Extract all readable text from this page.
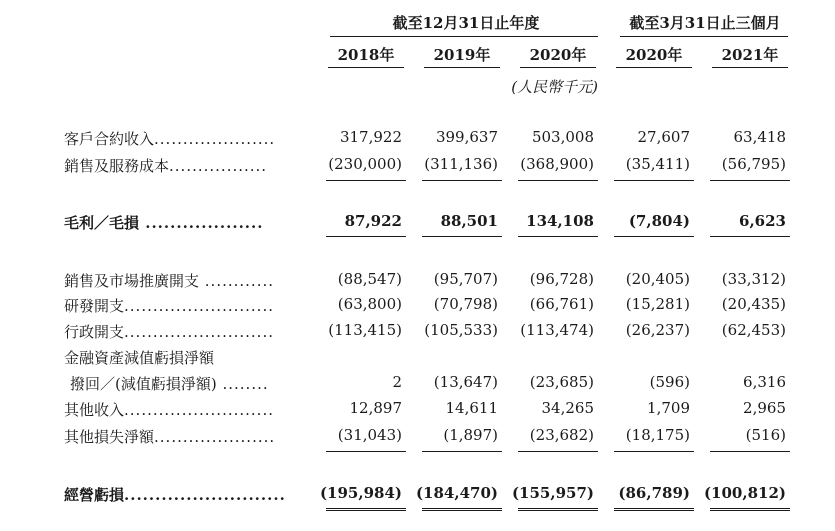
截至12月31日止年度	截至3月31日止三個月
2018年	2019年	2020年	2020年	2021年
(人民幣千元)
客戶合約收入.....................	317,922	399,637	503,008	27,607	63,418
銷售及服務成本.................	(230,000)	(311,136)	(368,900)	(35,411)	(56,795)
毛利／毛損 ...................	87,922	88,501	134,108	(7,804)	6,623
銷售及市場推廣開支 ............	(88,547)	(95,707)	(96,728)	(20,405)	(33,312)
研發開支..........................	(63,800)	(70,798)	(66,761)	(15,281)	(20,435)
行政開支..........................	(113,415)	(105,533)	(113,474)	(26,237)	(62,453)
金融資產減值虧損淨額
撥回／(減值虧損淨額) ........	2	(13,647)	(23,685)	(596)	6,316
其他收入..........................	12,897	14,611	34,265	1,709	2,965
其他損失淨額.....................	(31,043)	(1,897)	(23,682)	(18,175)	(516)
經營虧損..........................	(195,984) (184,470) (155,957)	(86,789) (100,812)
